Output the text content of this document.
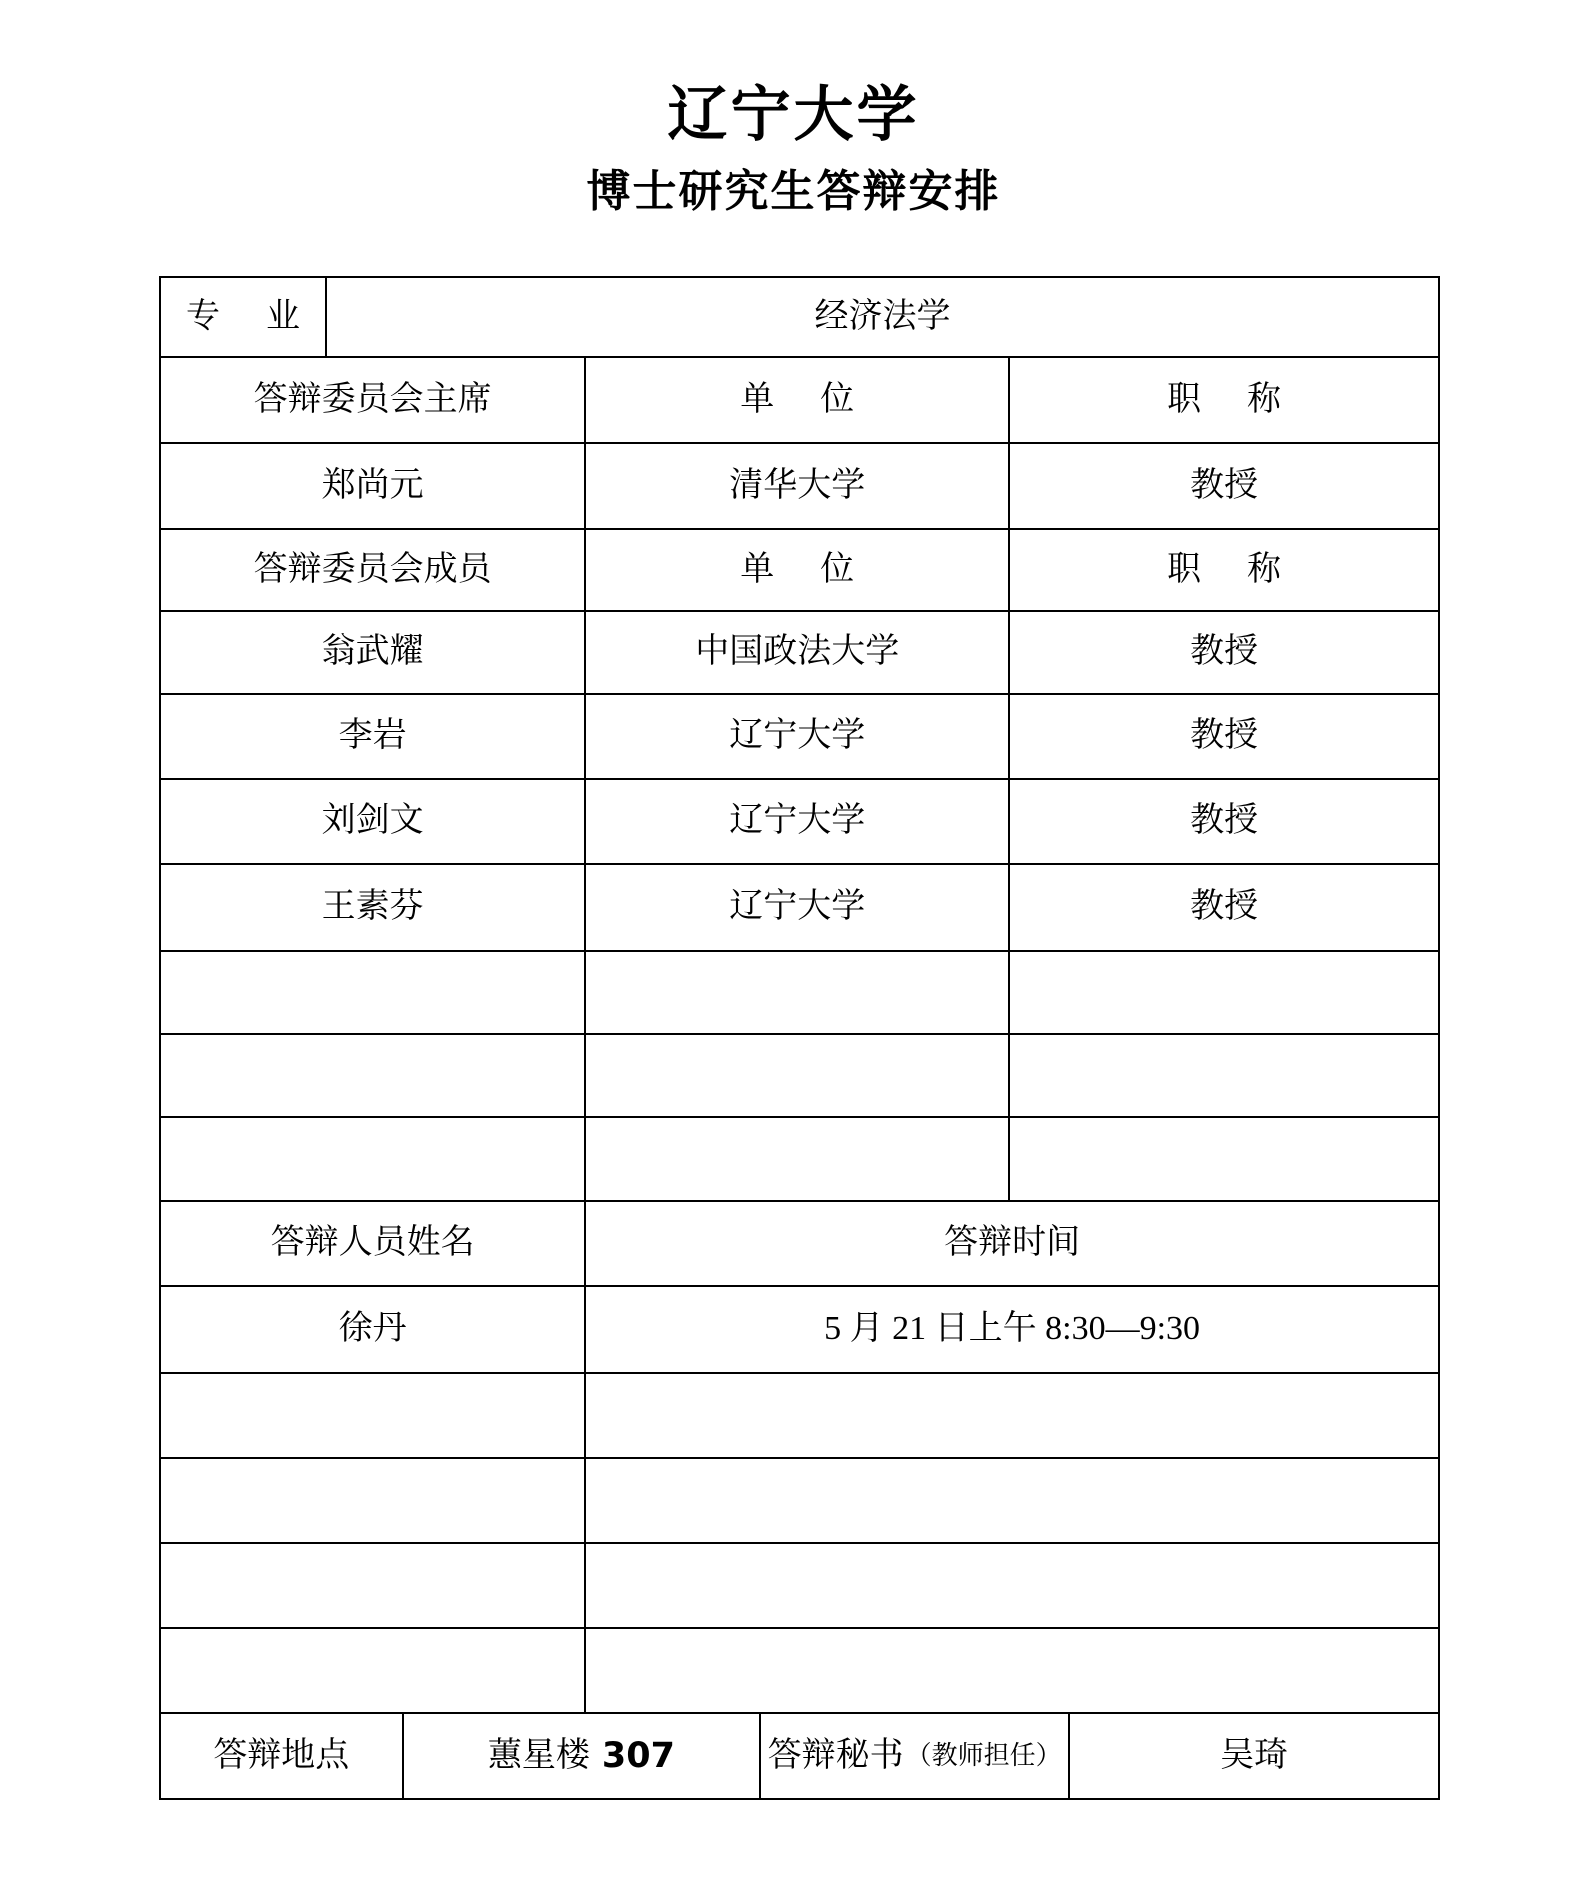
辽宁大学
博士研究生答辩安排
专 业	经济法学
答辩委员会主席	单 位	职 称
郑尚元	清华大学	教授
答辩委员会成员	单 位	职 称
翁武耀	中国政法大学	教授
李岩	辽宁大学	教授
刘剑文	辽宁大学	教授
王素芬	辽宁大学	教授
答辩人员姓名	答辩时间
徐丹	5 月 21 日上午 8:30—9:30
答辩地点	蕙星楼 307	答辩秘书 （教师担任）	吴琦
